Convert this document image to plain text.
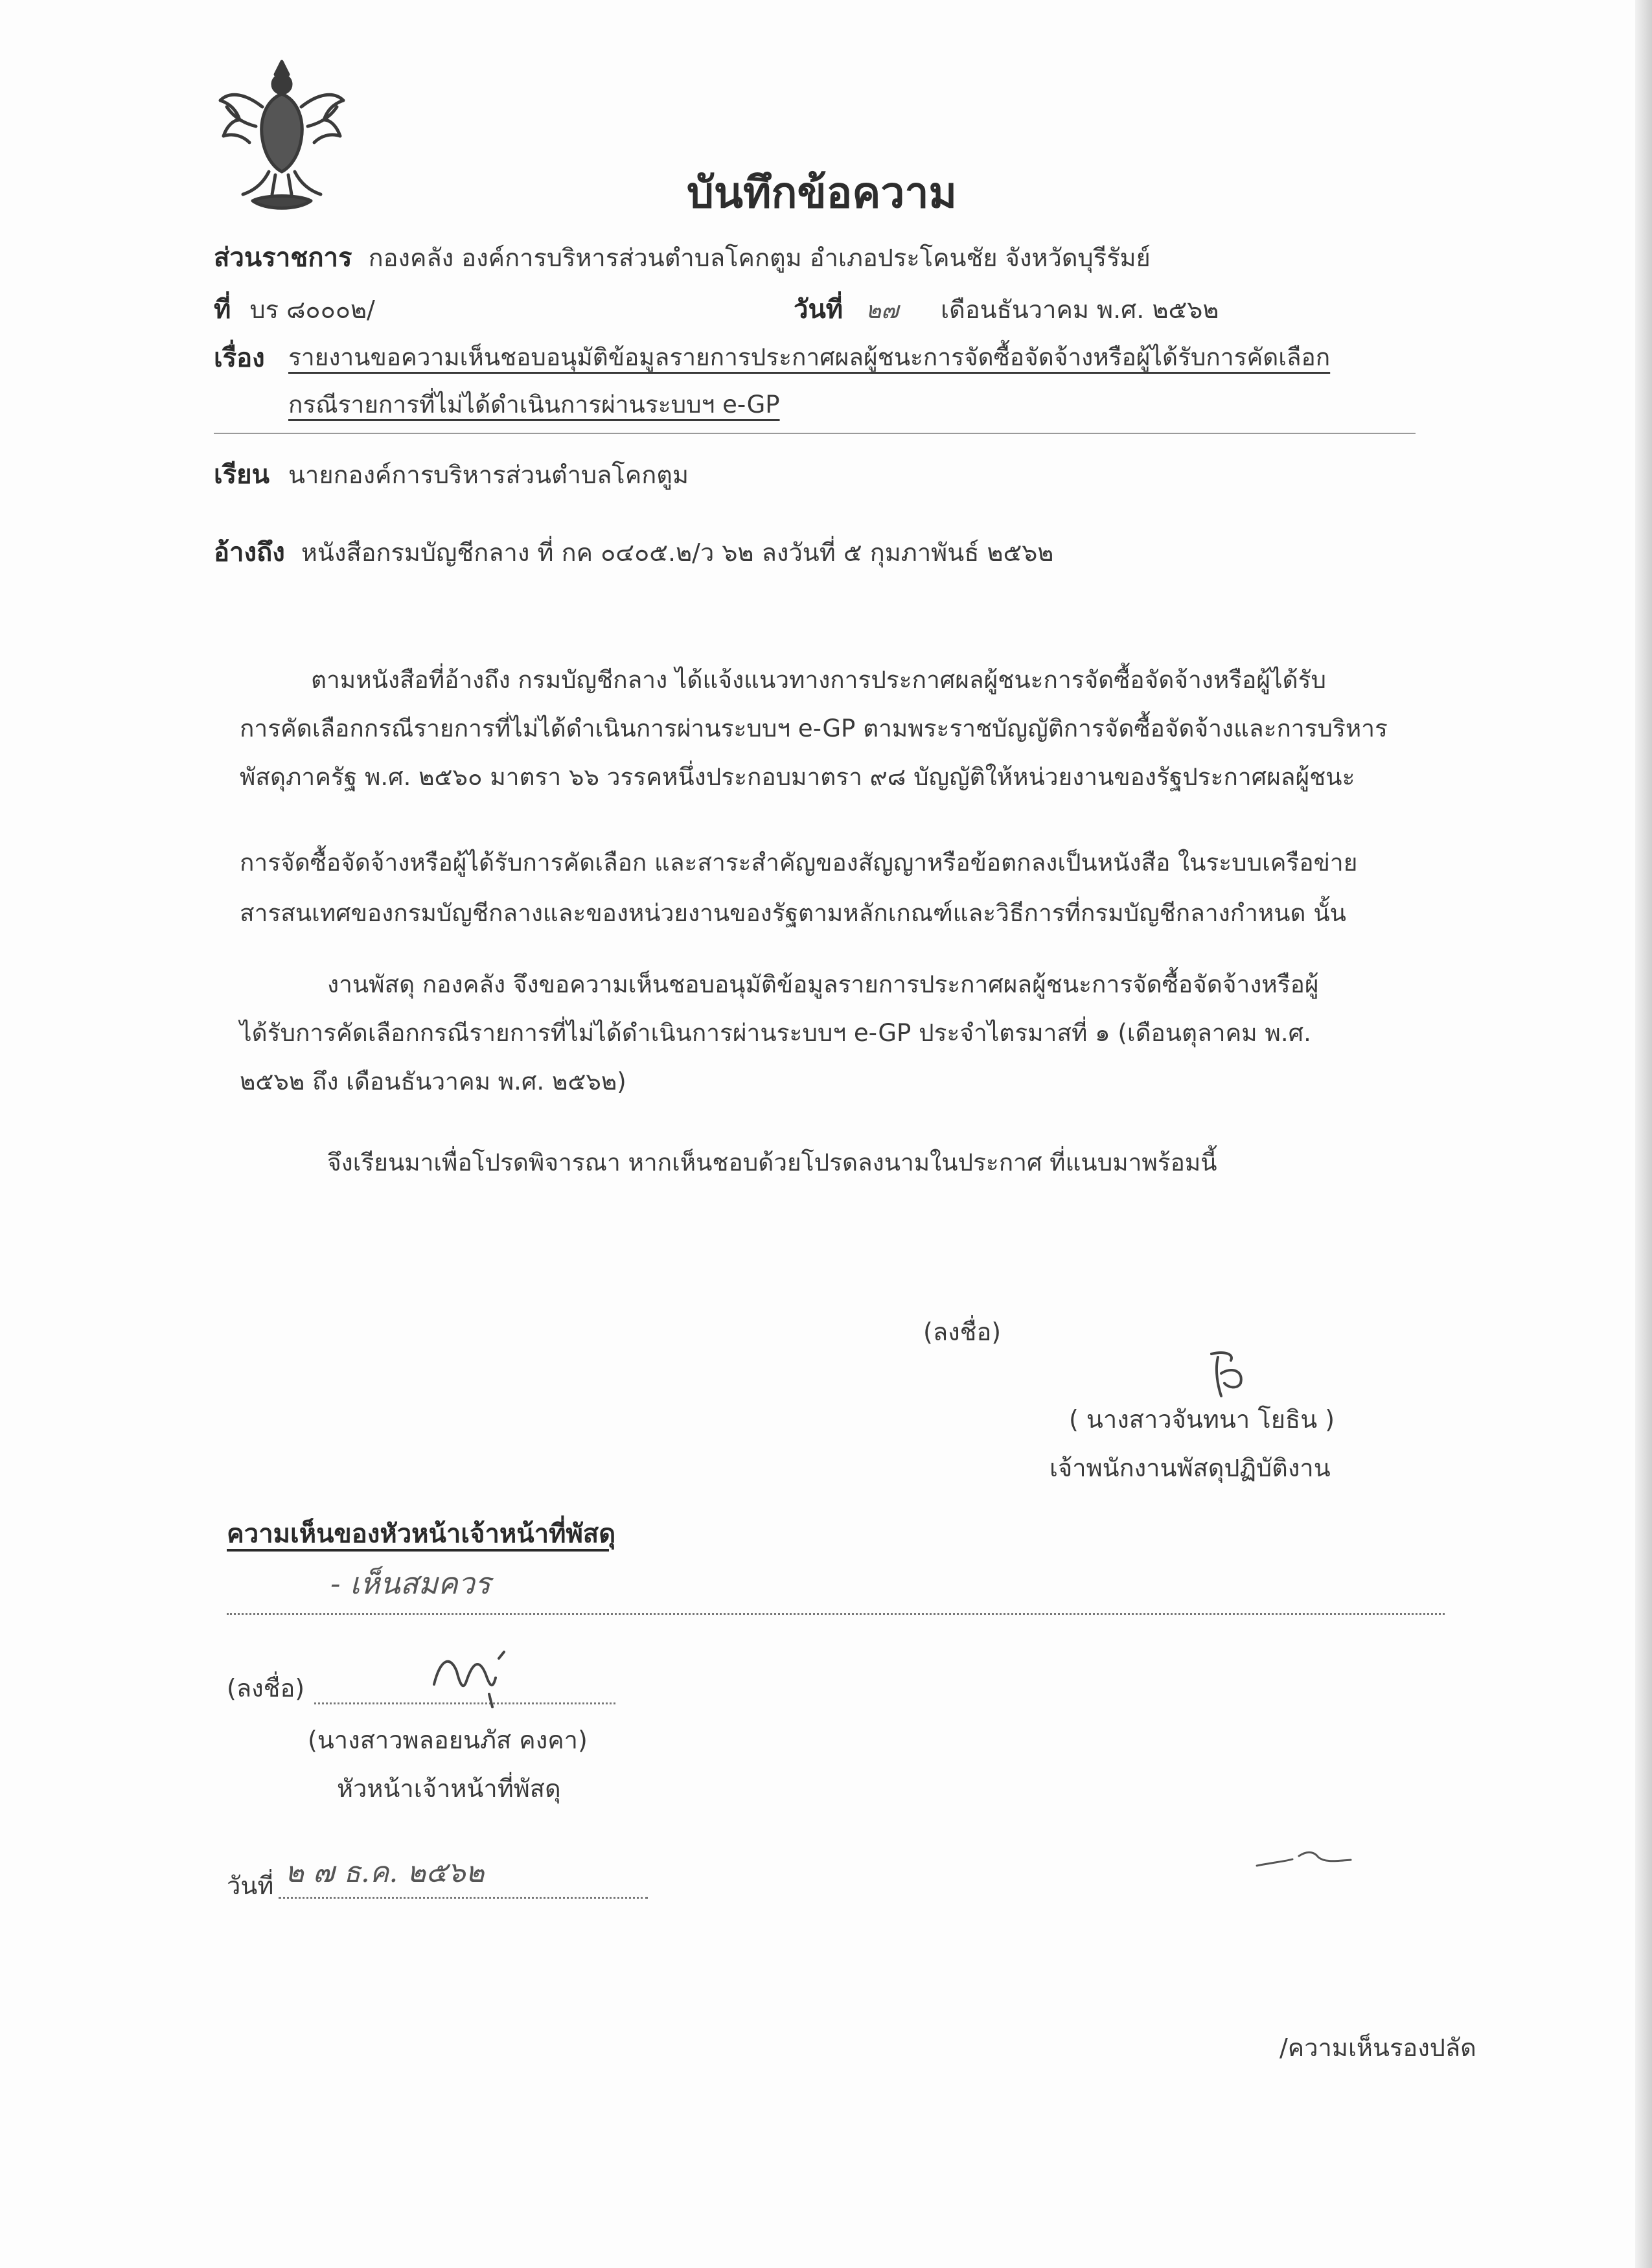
บันทึกข้อความ
ส่วนราชการ กองคลัง องค์การบริหารส่วนตำบลโคกตูม อำเภอประโคนชัย จังหวัดบุรีรัมย์
ที่ บร ๘๐๐๐๒/	วันที่ ๒๗ เดือนธันวาคม พ.ศ. ๒๕๖๒
เรื่อง รายงานขอความเห็นชอบอนุมัติข้อมูลรายการประกาศผลผู้ชนะการจัดซื้อจัดจ้างหรือผู้ได้รับการคัดเลือก
กรณีรายการที่ไม่ได้ดำเนินการผ่านระบบฯ e-GP
เรียน นายกองค์การบริหารส่วนตำบลโคกตูม
อ้างถึง หนังสือกรมบัญชีกลาง ที่ กค ๐๔๐๕.๒/ว ๖๒ ลงวันที่ ๕ กุมภาพันธ์ ๒๕๖๒
ตามหนังสือที่อ้างถึง กรมบัญชีกลาง ได้แจ้งแนวทางการประกาศผลผู้ชนะการจัดซื้อจัดจ้างหรือผู้ได้รับ
การคัดเลือกกรณีรายการที่ไม่ได้ดำเนินการผ่านระบบฯ e-GP ตามพระราชบัญญัติการจัดซื้อจัดจ้างและการบริหาร
พัสดุภาครัฐ พ.ศ. ๒๕๖๐ มาตรา ๖๖ วรรคหนึ่งประกอบมาตรา ๙๘ บัญญัติให้หน่วยงานของรัฐประกาศผลผู้ชนะ
การจัดซื้อจัดจ้างหรือผู้ได้รับการคัดเลือก และสาระสำคัญของสัญญาหรือข้อตกลงเป็นหนังสือ ในระบบเครือข่าย
สารสนเทศของกรมบัญชีกลางและของหน่วยงานของรัฐตามหลักเกณฑ์และวิธีการที่กรมบัญชีกลางกำหนด นั้น
งานพัสดุ กองคลัง จึงขอความเห็นชอบอนุมัติข้อมูลรายการประกาศผลผู้ชนะการจัดซื้อจัดจ้างหรือผู้
ได้รับการคัดเลือกกรณีรายการที่ไม่ได้ดำเนินการผ่านระบบฯ e-GP ประจำไตรมาสที่ ๑ (เดือนตุลาคม พ.ศ.
๒๕๖๒ ถึง เดือนธันวาคม พ.ศ. ๒๕๖๒)
จึงเรียนมาเพื่อโปรดพิจารณา หากเห็นชอบด้วยโปรดลงนามในประกาศ ที่แนบมาพร้อมนี้
(ลงชื่อ)
( นางสาวจันทนา โยธิน )
เจ้าพนักงานพัสดุปฏิบัติงาน
ความเห็นของหัวหน้าเจ้าหน้าที่พัสดุ
- เห็นสมควร
(ลงชื่อ)
(นางสาวพลอยนภัส คงคา)
หัวหน้าเจ้าหน้าที่พัสดุ
วันที่ ๒ ๗ ธ.ค. ๒๕๖๒
/ความเห็นรองปลัด
